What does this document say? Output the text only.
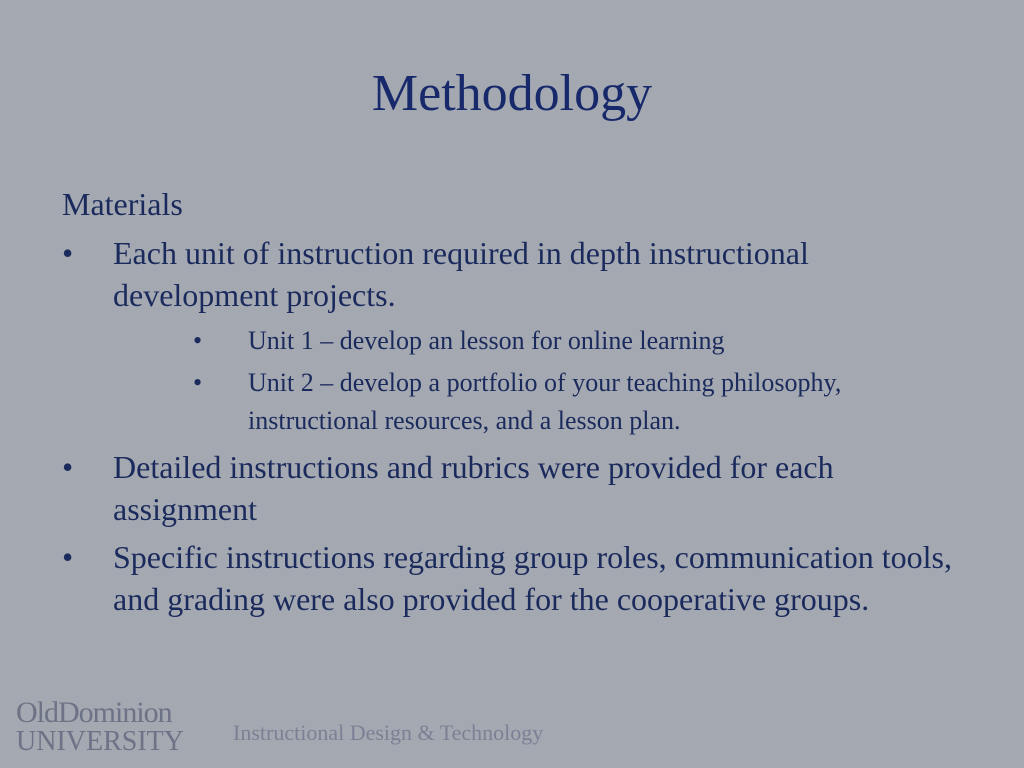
Methodology
Materials
• Each unit of instruction required in depth instructional development projects.
• Unit 1 – develop an lesson for online learning
• Unit 2 – develop a portfolio of your teaching philosophy, instructional resources, and a lesson plan.
• Detailed instructions and rubrics were provided for each assignment
• Specific instructions regarding group roles, communication tools, and grading were also provided for the cooperative groups.
OldDominion
UNIVERSITY Instructional Design & Technology
